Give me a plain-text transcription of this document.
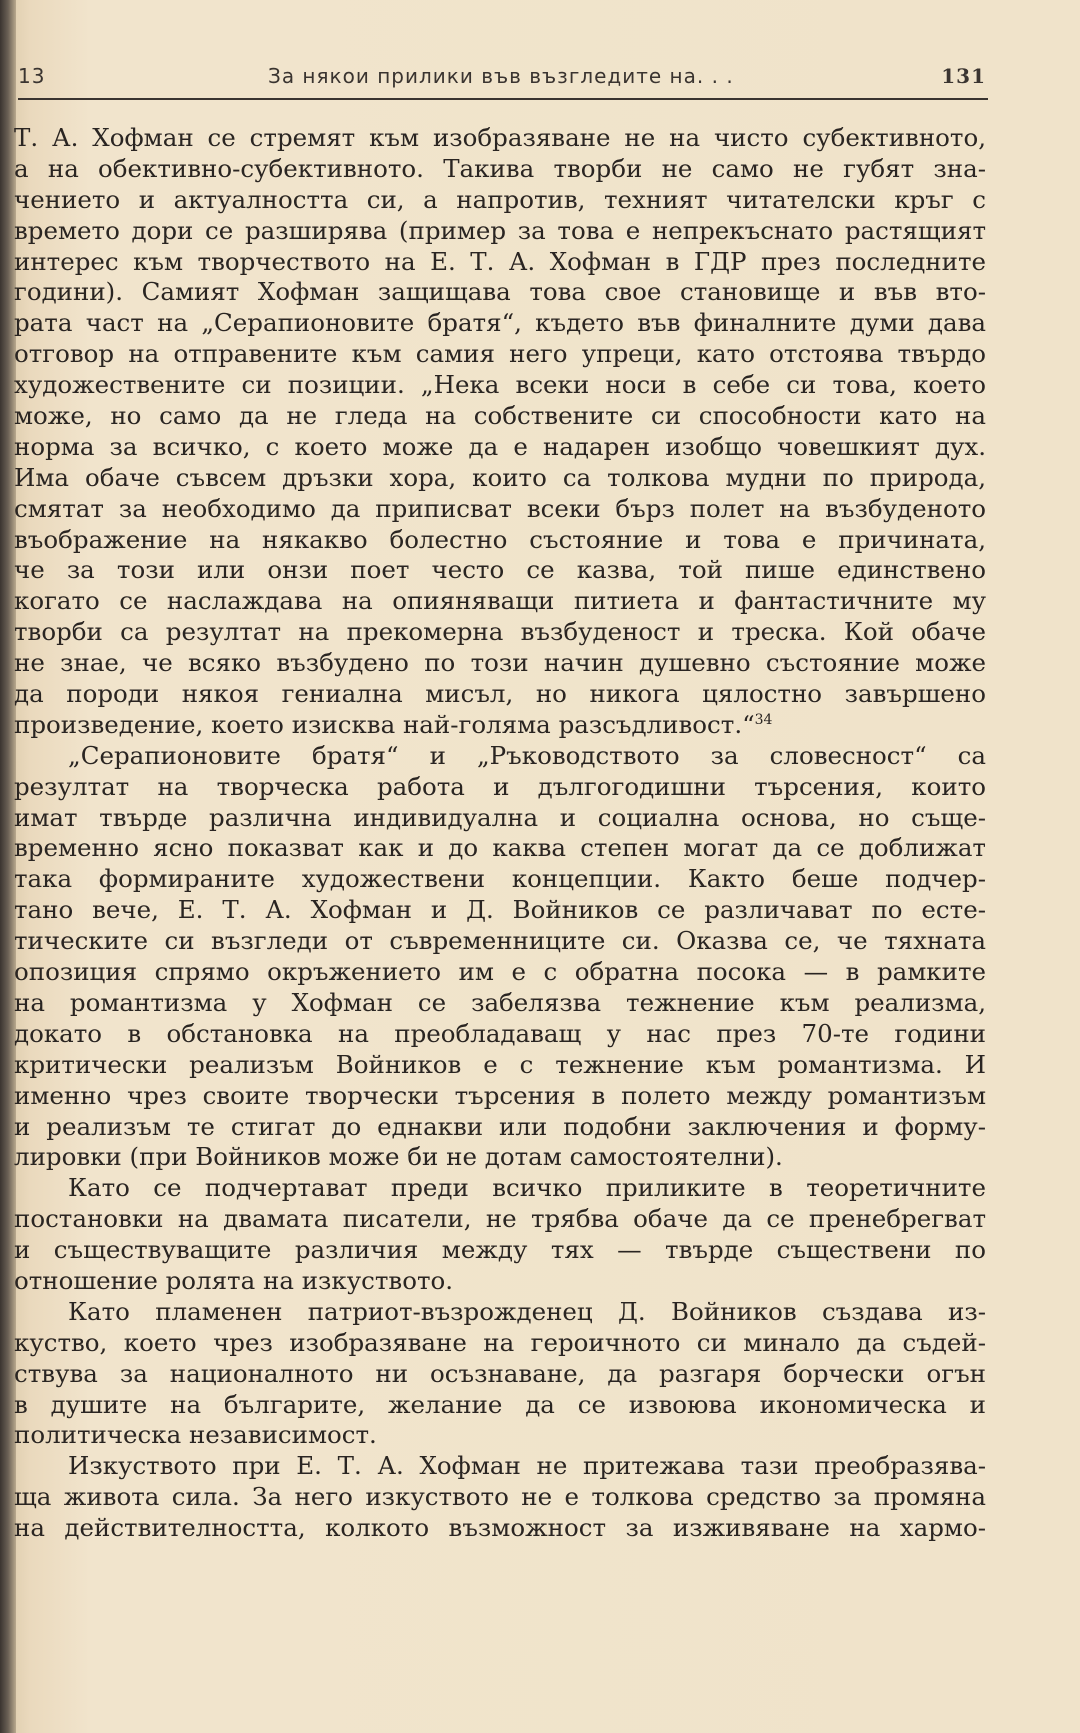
13	За някои прилики във възгледите на. . .	131
Т. А. Хофман се стремят към изобразяване не на чисто субективното,
а на обективно-субективното. Такива творби не само не губят зна-
чението и актуалността си, а напротив, техният читателски кръг с
времето дори се разширява (пример за това е непрекъснато растящият
интерес към творчеството на Е. Т. А. Хофман в ГДР през последните
години). Самият Хофман защищава това свое становище и във вто-
рата част на „Серапионовите братя“, където във финалните думи дава
отговор на отправените към самия него упреци, като отстоява твърдо
художествените си позиции. „Нека всеки носи в себе си това, което
може, но само да не гледа на собствените си способности като на
норма за всичко, с което може да е надарен изобщо човешкият дух.
Има обаче съвсем дръзки хора, които са толкова мудни по природа,
смятат за необходимо да приписват всеки бърз полет на възбуденото
въображение на някакво болестно състояние и това е причината,
че за този или онзи поет често се казва, той пише единствено
когато се наслаждава на опияняващи питиета и фантастичните му
творби са резултат на прекомерна възбуденост и треска. Кой обаче
не знае, че всяко възбудено по този начин душевно състояние може
да породи някоя гениална мисъл, но никога цялостно завършено
произведение, което изисква най-голяма разсъдливост.“$^{34}$
„Серапионовите братя“ и „Ръководството за словесност“ са
резултат на творческа работа и дългогодишни търсения, които
имат твърде различна индивидуална и социална основа, но съще-
временно ясно показват как и до каква степен могат да се доближат
така формираните художествени концепции. Както беше подчер-
тано вече, Е. Т. А. Хофман и Д. Войников се различават по есте-
тическите си възгледи от съвременниците си. Оказва се, че тяхната
опозиция спрямо окръжението им е с обратна посока — в рамките
на романтизма у Хофман се забелязва тежнение към реализма,
докато в обстановка на преобладаващ у нас през 70-те години
критически реализъм Войников е с тежнение към романтизма. И
именно чрез своите творчески търсения в полето между романтизъм
и реализъм те стигат до еднакви или подобни заключения и форму-
лировки (при Войников може би не дотам самостоятелни).
Като се подчертават преди всичко приликите в теоретичните
постановки на двамата писатели, не трябва обаче да се пренебрегват
и съществуващите различия между тях — твърде съществени по
отношение ролята на изкуството.
Като пламенен патриот-възрожденец Д. Войников създава из-
куство, което чрез изобразяване на героичното си минало да съдей-
ствува за националното ни осъзнаване, да разгаря борчески огън
в душите на българите, желание да се извоюва икономическа и
политическа независимост.
Изкуството при Е. Т. А. Хофман не притежава тази преобразява-
ща живота сила. За него изкуството не е толкова средство за промяна
на действителността, колкото възможност за изживяване на хармо-
